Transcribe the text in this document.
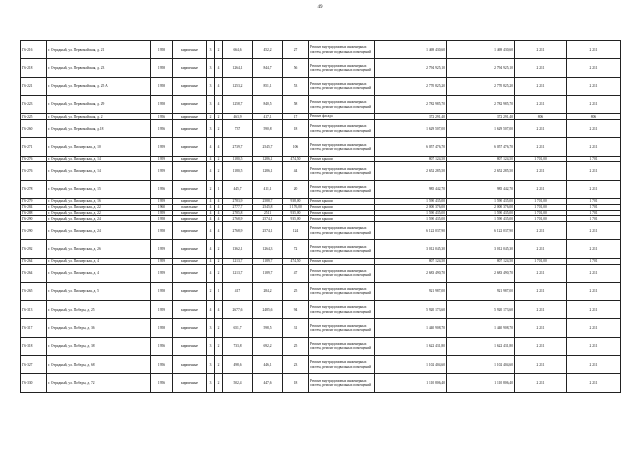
49
Г6-216	г. Отрадный, ул. Первомайская, д. 21	1958	кирпичные	3	2	664,6	452,2	27	Ремонт внутридомовых инженерных систем, ремонт подвальных помещений	1 469 430,60	1 469 430,60	2 211	2 211
Г6-218	г. Отрадный, ул. Первомайская, д. 23	1958	кирпичные	3	4	1264,1	844,7	56	Ремонт внутридомовых инженерных систем, ремонт подвальных помещений	2 794 925,10	2 794 925,10	2 211	2 211
Г6-221	г. Отрадный, ул. Первомайская, д. 25 А	1958	кирпичные	3	4	1253,2	851,1	53	Ремонт внутридомовых инженерных систем, ремонт подвальных помещений	2 770 825,20	2 770 825,20	2 211	2 211
Г6-223	г. Отрадный, ул. Первомайская, д. 29	1958	кирпичные	3	4	1258,7	840,5	58	Ремонт внутридомовых инженерных систем, ремонт подвальных помещений	2 782 985,70	2 782 985,70	2 211	2 211
Г6-225	г. Отрадный, ул. Первомайская, д. 2	1956	кирпичные	2	2	463,9	417,1	17	Ремонт фасада	372 291,40	372 291,40	806	806
Г6-260	г. Отрадный, ул. Первомайская, д.18	1956	кирпичные	3	2	737	590,8	18	Ремонт внутридомовых инженерных систем, ремонт подвальных помещений	1 629 507,00	1 629 507,00	2 211	2 211
Г6-271	г. Отрадный, ул. Пионерская, д. 10	1959	кирпичные	4	4	2739,7	2545,7	106	Ремонт внутридомовых инженерных систем, ремонт подвальных помещений	6 057 476,70	6 057 476,70	2 211	2 211
Г6-276	г. Отрадный, ул. Пионерская, д. 14	1959	кирпичные	4	2	1180,5	1286,1	474,50	Ремонт крыши	807 124,50	807 124,50	1 701,00	1 701
Г6-276	г. Отрадный, ул. Пионерская, д. 14	1959	кирпичные	4	2	1180,5	1286,1	44	Ремонт внутридомовых инженерных систем, ремонт подвальных помещений	2 652 285,50	2 652 285,50	2 211	2 211
Г6-278	г. Отрадный, ул. Пионерская, д. 15	1956	кирпичные	2	1	445,7	411,1	20	Ремонт внутридомовых инженерных систем, ремонт подвальных помещений	985 442,70	985 442,70	2 211	2 211
Г6-279	г. Отрадный, ул. Пионерская, д. 16	1959	кирпичные	4	4	2783,9	2588,7	938,00	Ремонт крыши	1 590 435,00	1 590 435,00	1 701,00	1 701
Г6-284	г. Отрадный, ул. Пионерская, д. 22	1960	панельные	4	4	2777,7	2545,8	1 176,00	Ремонт крыши	2 000 376,00	2 000 376,00	1 701,00	1 701
Г6-288	г. Отрадный, ул. Пионерская, д. 22	1959	кирпичные	4	4	2785,8	2511	935,00	Ремонт крыши	1 590 435,00	1 590 435,00	1 701,00	1 701
Г6-290	г. Отрадный, ул. Пионерская, д. 24	1958	кирпичные	4	4	2768,9	2574,1	935,00	Ремонт крыши	1 590 435,00	1 590 435,00	1 701,00	1 701
Г6-290	г. Отрадный, ул. Пионерская, д. 24	1958	кирпичные	4	4	2768,9	2574,1	124	Ремонт внутридомовых инженерных систем, ремонт подвальных помещений	6 122 037,90	6 122 037,90	2 211	2 211
Г6-292	г. Отрадный, ул. Пионерская, д. 26	1959	кирпичные	4	2	1362,1	1264,3	72	Ремонт внутридомовых инженерных систем, ремонт подвальных помещений	3 012 045,30	3 012 045,30	2 211	2 211
Г6-264	г. Отрадный, ул. Пионерская, д. 4	1959	кирпичные	4	2	1213,7	1189,7	474,50	Ремонт крыши	807 124,50	807 124,50	1 701,00	1 701
Г6-264	г. Отрадный, ул. Пионерская, д. 4	1959	кирпичные	4	2	1213,7	1189,7	47	Ремонт внутридомовых инженерных систем, ремонт подвальных помещений	2 683 490,70	2 683 490,70	2 211	2 211
Г6-265	г. Отрадный, ул. Пионерская, д. 5	1958	кирпичные	2	1	417	284,2	25	Ремонт внутридомовых инженерных систем, ремонт подвальных помещений	921 987,00	921 987,00	2 211	2 211
Г6-313	г. Отрадный, ул. Победы, д. 25	1959	кирпичные	4	4	2677,6	2485,6	94	Ремонт внутридомовых инженерных систем, ремонт подвальных помещений	5 920 173,60	5 920 173,60	2 211	2 211
Г6-317	г. Отрадный, ул. Победы, д. 36	1958	кирпичные	3	2	651,7	598,5	31	Ремонт внутридомовых инженерных систем, ремонт подвальных помещений	1 440 908,70	1 440 908,70	2 211	2 211
Г6-318	г. Отрадный, ул. Победы, д. 38	1956	кирпичные	3	2	733,8	692,2	25	Ремонт внутридомовых инженерных систем, ремонт подвальных помещений	1 622 431,80	1 622 431,80	2 211	2 211
Г6-327	г. Отрадный, ул. Победы, д. 68	1956	кирпичные	3	2	498,6	446,1	23	Ремонт внутридомовых инженерных систем, ремонт подвальных помещений	1 102 404,60	1 102 404,60	2 211	2 211
Г6-330	г. Отрадный, ул. Победы, д. 72	1956	кирпичные	3	2	502,4	447,6	18	Ремонт внутридомовых инженерных систем, ремонт подвальных помещений	1 110 806,40	1 110 806,40	2 211	2 211
